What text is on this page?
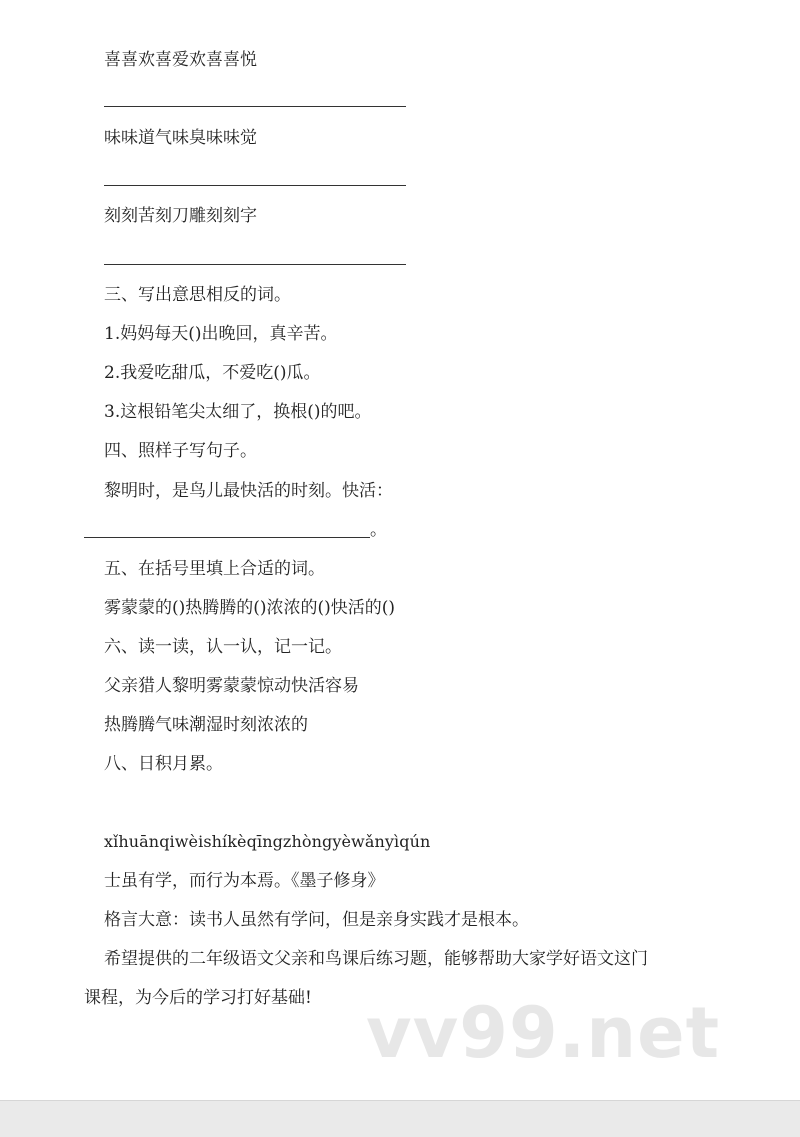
喜喜欢喜爱欢喜喜悦
味味道气味臭味味觉
刻刻苦刻刀雕刻刻字
三、写出意思相反的词。
1.妈妈每天()出晚回，真辛苦。
2.我爱吃甜瓜，不爱吃()瓜。
3.这根铅笔尖太细了，换根()的吧。
四、照样子写句子。
黎明时，是鸟儿最快活的时刻。快活：
。
五、在括号里填上合适的词。
雾蒙蒙的()热腾腾的()浓浓的()快活的()
六、读一读，认一认，记一记。
父亲猎人黎明雾蒙蒙惊动快活容易
热腾腾气味潮湿时刻浓浓的
八、日积月累。
xǐhuānqiwèishíkèqīngzhòngyèwǎnyìqún
士虽有学，而行为本焉。《墨子修身》
格言大意：读书人虽然有学问，但是亲身实践才是根本。
希望提供的二年级语文父亲和鸟课后练习题，能够帮助大家学好语文这门
课程，为今后的学习打好基础! vv99.net
